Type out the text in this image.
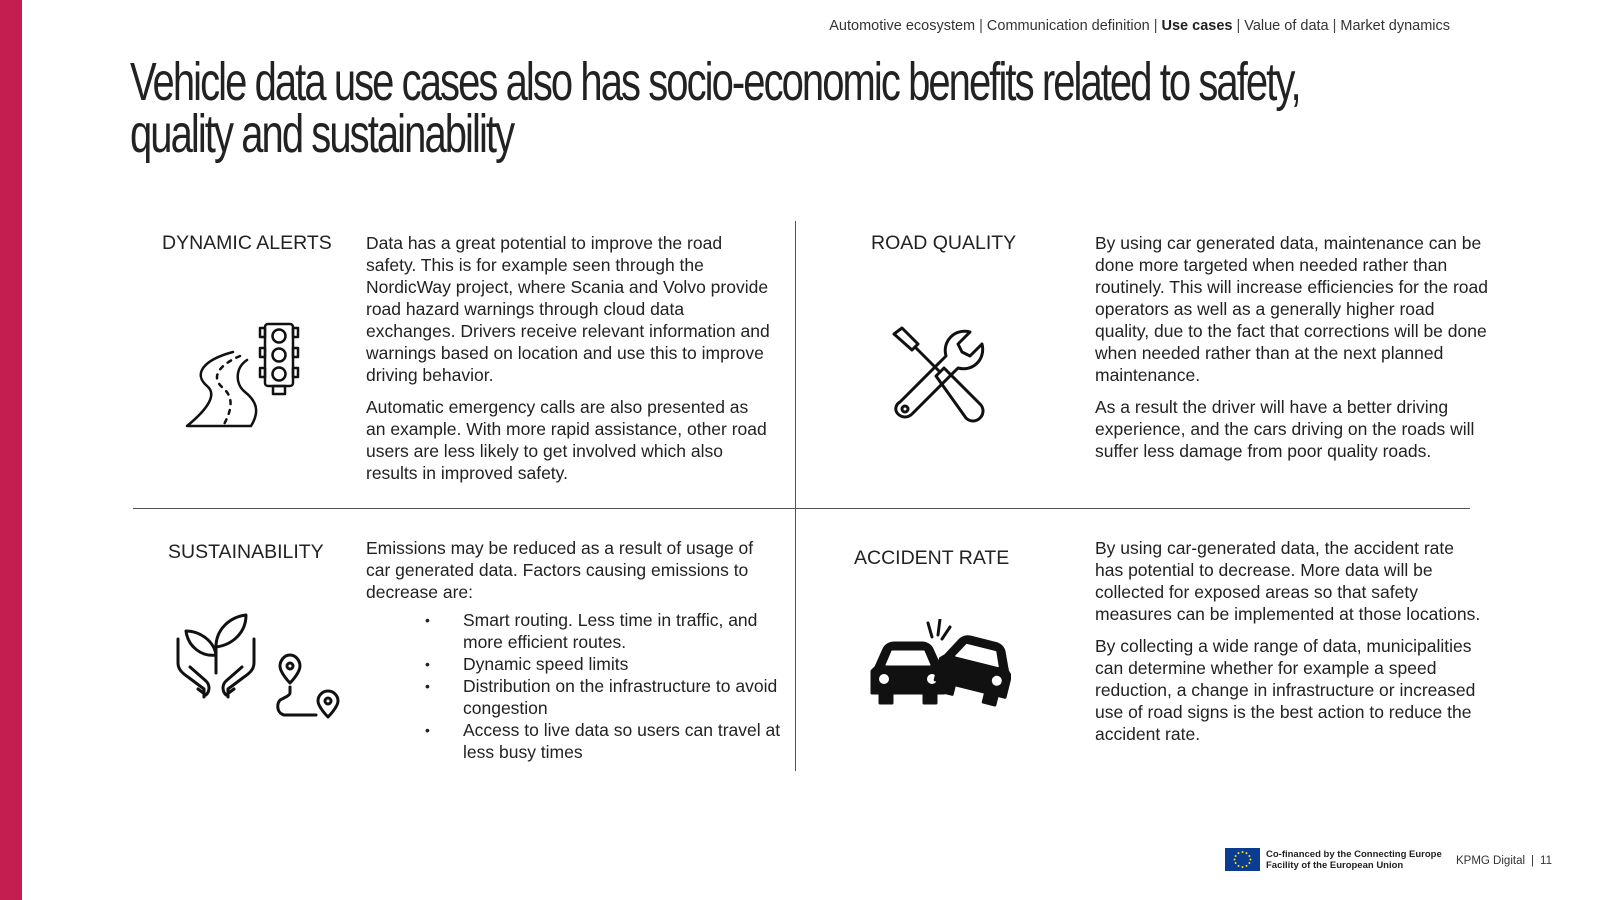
Automotive ecosystem | Communication definition | Use cases | Value of data | Market dynamics
Vehicle data use cases also has socio-economic benefits related to safety,
quality and sustainability
DYNAMIC ALERTS Data has a great potential to improve the road safety. This is for example seen through the NordicWay project, where Scania and Volvo provide road hazard warnings through cloud data exchanges. Drivers receive relevant information and warnings based on location and use this to improve driving behavior.

Automatic emergency calls are also presented as an example. With more rapid assistance, other road users are less likely to get involved which also results in improved safety.

ROAD QUALITY	By using car generated data, maintenance can be done more targeted when needed rather than routinely. This will increase efficiencies for the road operators as well as a generally higher road quality, due to the fact that corrections will be done when needed rather than at the next planned maintenance.

As a result the driver will have a better driving experience, and the cars driving on the roads will suffer less damage from poor quality roads.

SUSTAINABILITY Emissions may be reduced as a result of usage of car generated data. Factors causing emissions to decrease are:

• Smart routing. Less time in traffic, and more efficient routes.
• Dynamic speed limits
• Distribution on the infrastructure to avoid congestion
• Access to live data so users can travel at less busy times
ACCIDENT RATE	By using car-generated data, the accident rate has potential to decrease. More data will be collected for exposed areas so that safety measures can be implemented at those locations.

By collecting a wide range of data, municipalities can determine whether for example a speed reduction, a change in infrastructure or increased use of road signs is the best action to reduce the accident rate.

Co-financed by the Connecting Europe
Facility of the European Union	KPMG Digital | 11
